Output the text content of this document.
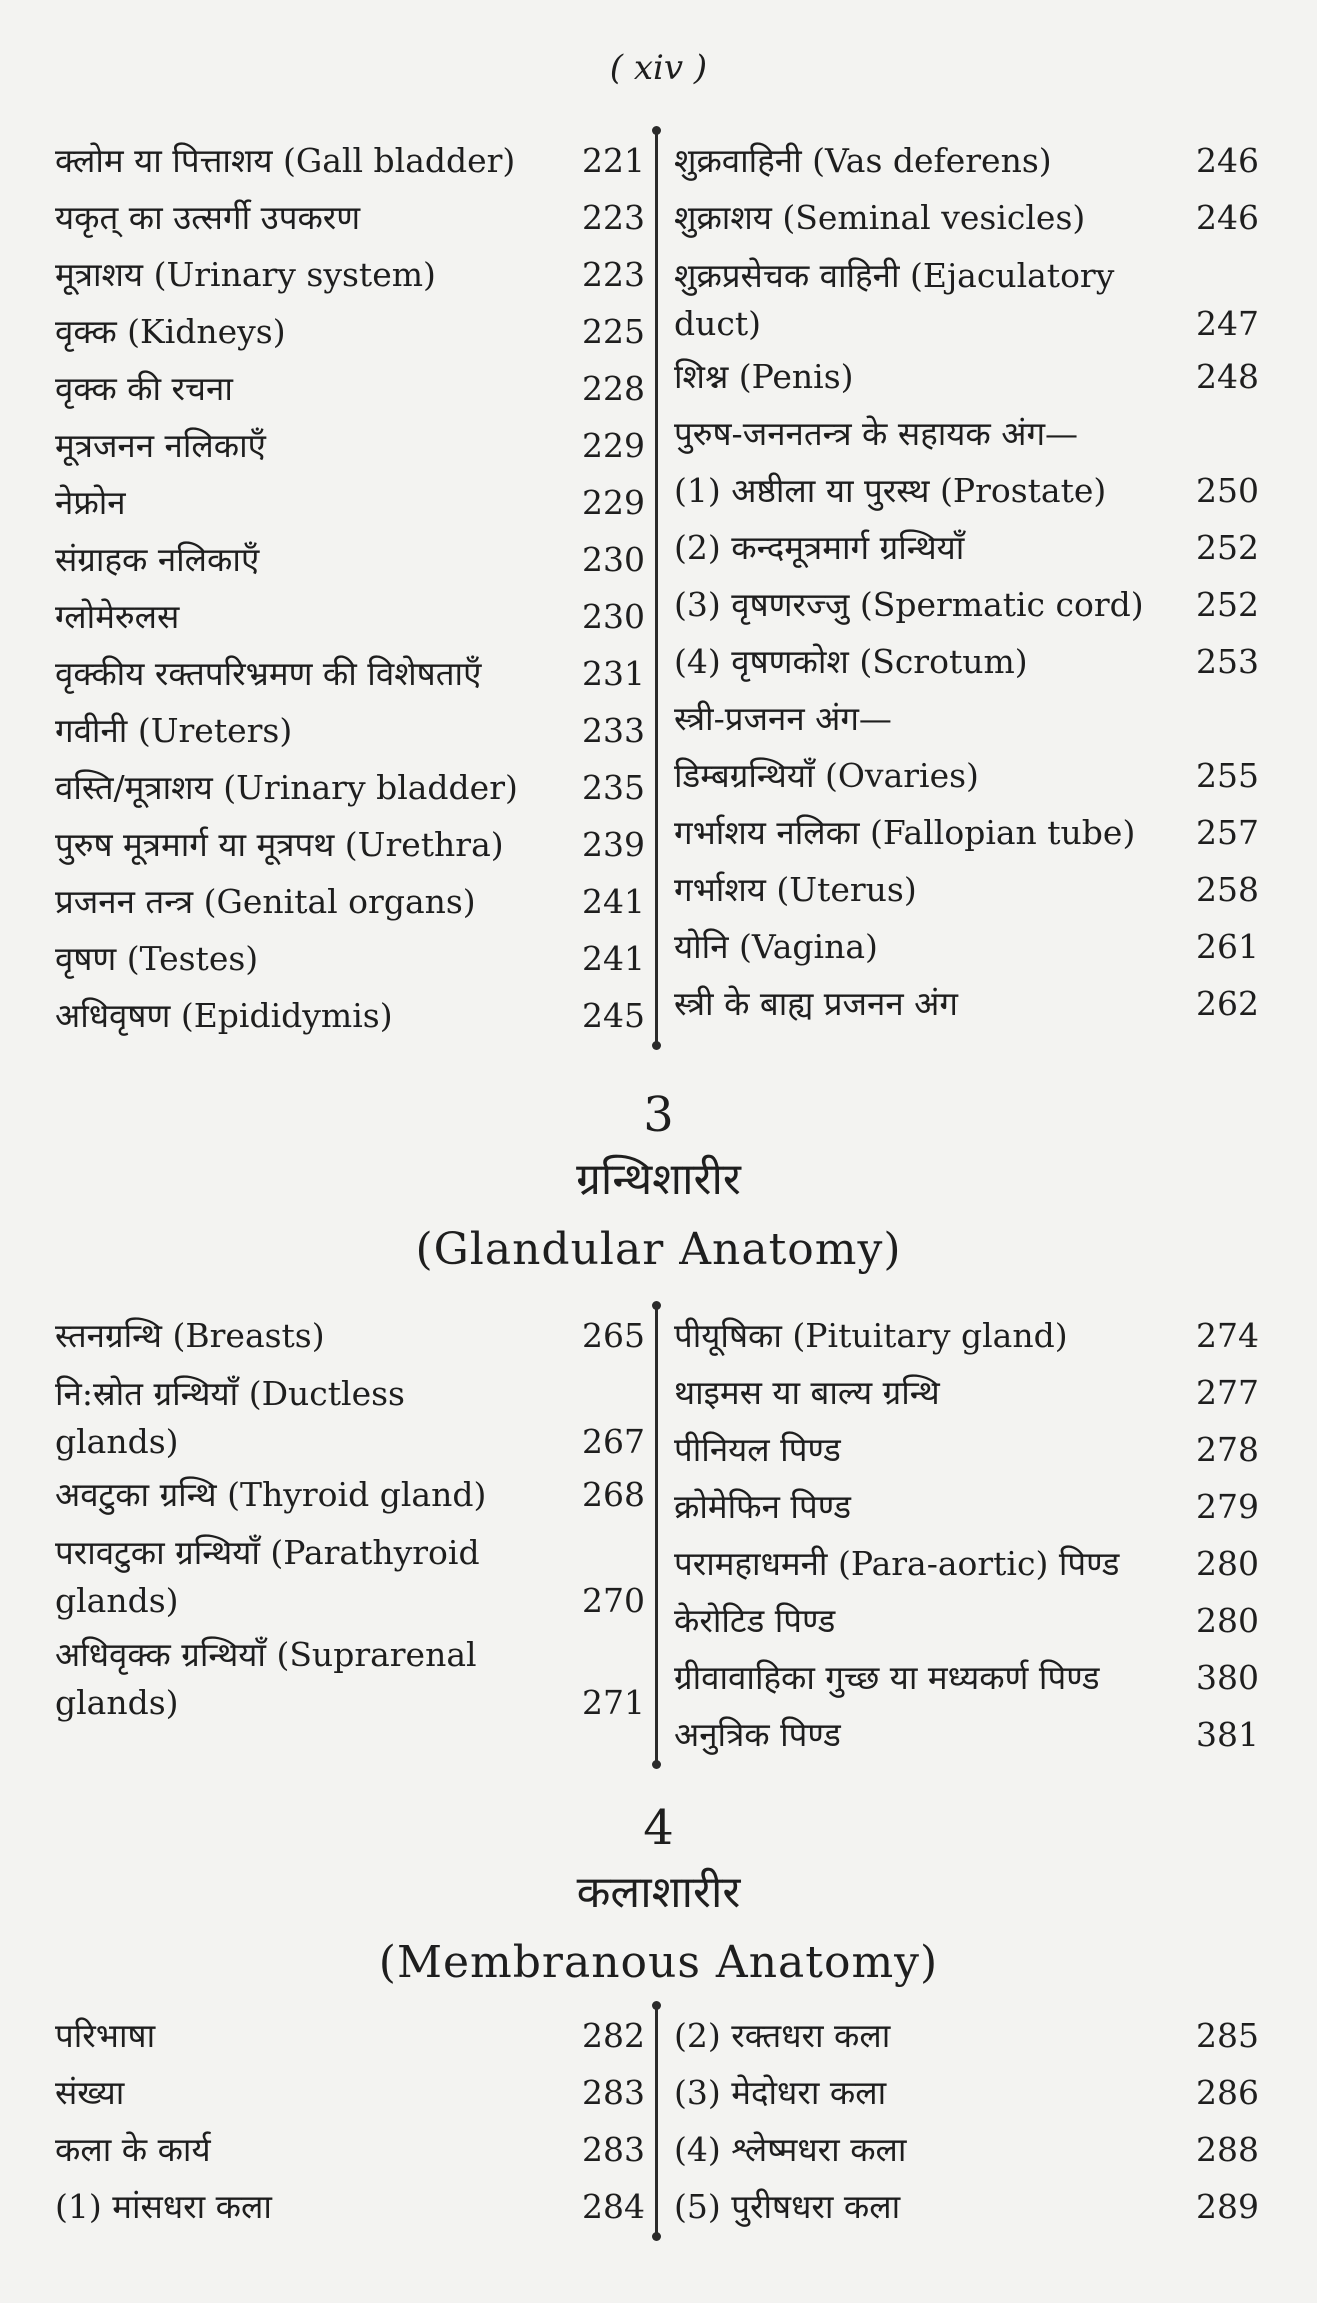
( xiv )
क्लोम या पित्ताशय (Gall bladder)	221
यकृत् का उत्सर्गी उपकरण	223
मूत्राशय (Urinary system)	223
वृक्क (Kidneys)	225
वृक्क की रचना	228
मूत्रजनन नलिकाएँ	229
नेफ्रोन	229
संग्राहक नलिकाएँ	230
ग्लोमेरुलस	230
वृक्कीय रक्तपरिभ्रमण की विशेषताएँ	231
गवीनी (Ureters)	233
वस्ति/मूत्राशय (Urinary bladder)	235
पुरुष मूत्रमार्ग या मूत्रपथ (Urethra)	239
प्रजनन तन्त्र (Genital organs)	241
वृषण (Testes)	241
अधिवृषण (Epididymis)	245
शुक्रवाहिनी (Vas deferens)	246
शुक्राशय (Seminal vesicles)	246
शुक्रप्रसेचक वाहिनी (Ejaculatory
duct)	247
शिश्न (Penis)	248
पुरुष-जननतन्त्र के सहायक अंग—
(1) अष्ठीला या पुरस्थ (Prostate)	250
(2) कन्दमूत्रमार्ग ग्रन्थियाँ	252
(3) वृषणरज्जु (Spermatic cord)	252
(4) वृषणकोश (Scrotum)	253
स्त्री-प्रजनन अंग—
डिम्बग्रन्थियाँ (Ovaries)	255
गर्भाशय नलिका (Fallopian tube)	257
गर्भाशय (Uterus)	258
योनि (Vagina)	261
स्त्री के बाह्य प्रजनन अंग	262
3
ग्रन्थिशारीर
(Glandular Anatomy)
स्तनग्रन्थि (Breasts)	265
नि:स्रोत ग्रन्थियाँ (Ductless
glands)	267
अवटुका ग्रन्थि (Thyroid gland)	268
परावटुका ग्रन्थियाँ (Parathyroid
glands)	270
अधिवृक्क ग्रन्थियाँ (Suprarenal
glands)	271
पीयूषिका (Pituitary gland)	274
थाइमस या बाल्य ग्रन्थि	277
पीनियल पिण्ड	278
क्रोमेफिन पिण्ड	279
परामहाधमनी (Para-aortic) पिण्ड	280
केरोटिड पिण्ड	280
ग्रीवावाहिका गुच्छ या मध्यकर्ण पिण्ड	380
अनुत्रिक पिण्ड	381
4
कलाशारीर
(Membranous Anatomy)
परिभाषा	282
संख्या	283
कला के कार्य	283
(1) मांसधरा कला	284
(2) रक्तधरा कला	285
(3) मेदोधरा कला	286
(4) श्लेष्मधरा कला	288
(5) पुरीषधरा कला	289
